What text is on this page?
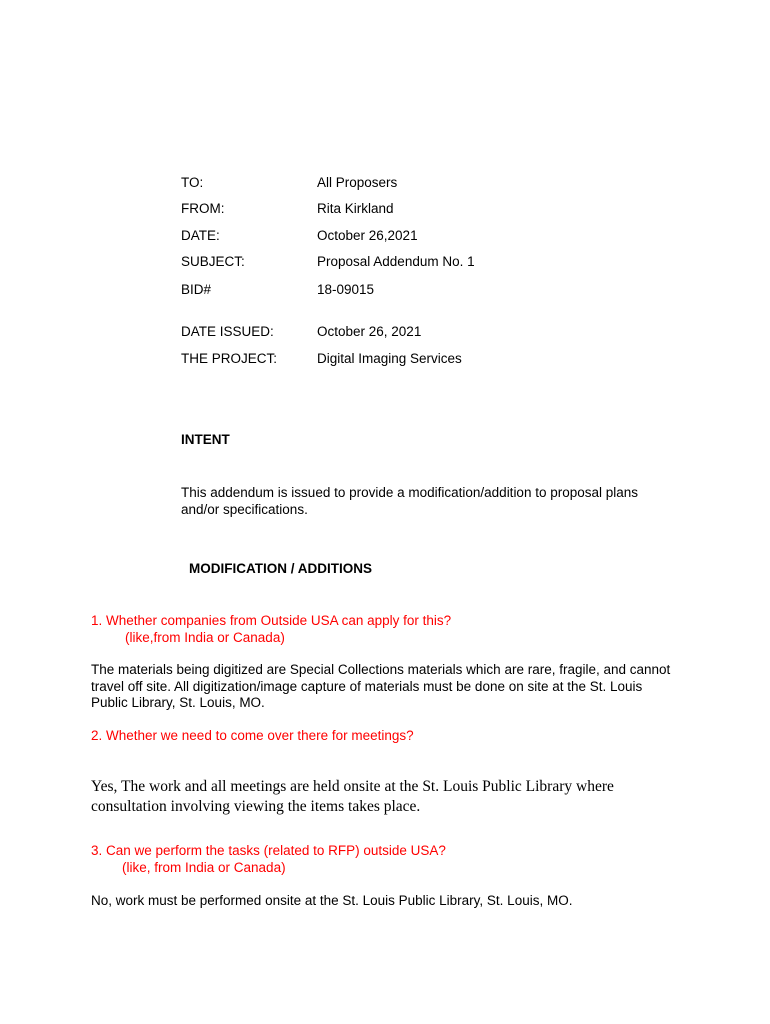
TO:	All Proposers
FROM:	Rita Kirkland
DATE:	October 26,2021
SUBJECT:	Proposal Addendum No. 1
BID#	18-09015
DATE ISSUED:	October 26, 2021
THE PROJECT:	Digital Imaging Services
INTENT
This addendum is issued to provide a modification/addition to proposal plans and/or specifications.
MODIFICATION / ADDITIONS
1. Whether companies from Outside USA can apply for this?
(like,from India or Canada)
The materials being digitized are Special Collections materials which are rare, fragile, and cannot travel off site. All digitization/image capture of materials must be done on site at the St. Louis Public Library, St. Louis, MO.
2. Whether we need to come over there for meetings?
Yes, The work and all meetings are held onsite at the St. Louis Public Library where consultation involving viewing the items takes place.
3. Can we perform the tasks (related to RFP) outside USA?
(like, from India or Canada)
No, work must be performed onsite at the St. Louis Public Library, St. Louis, MO.
